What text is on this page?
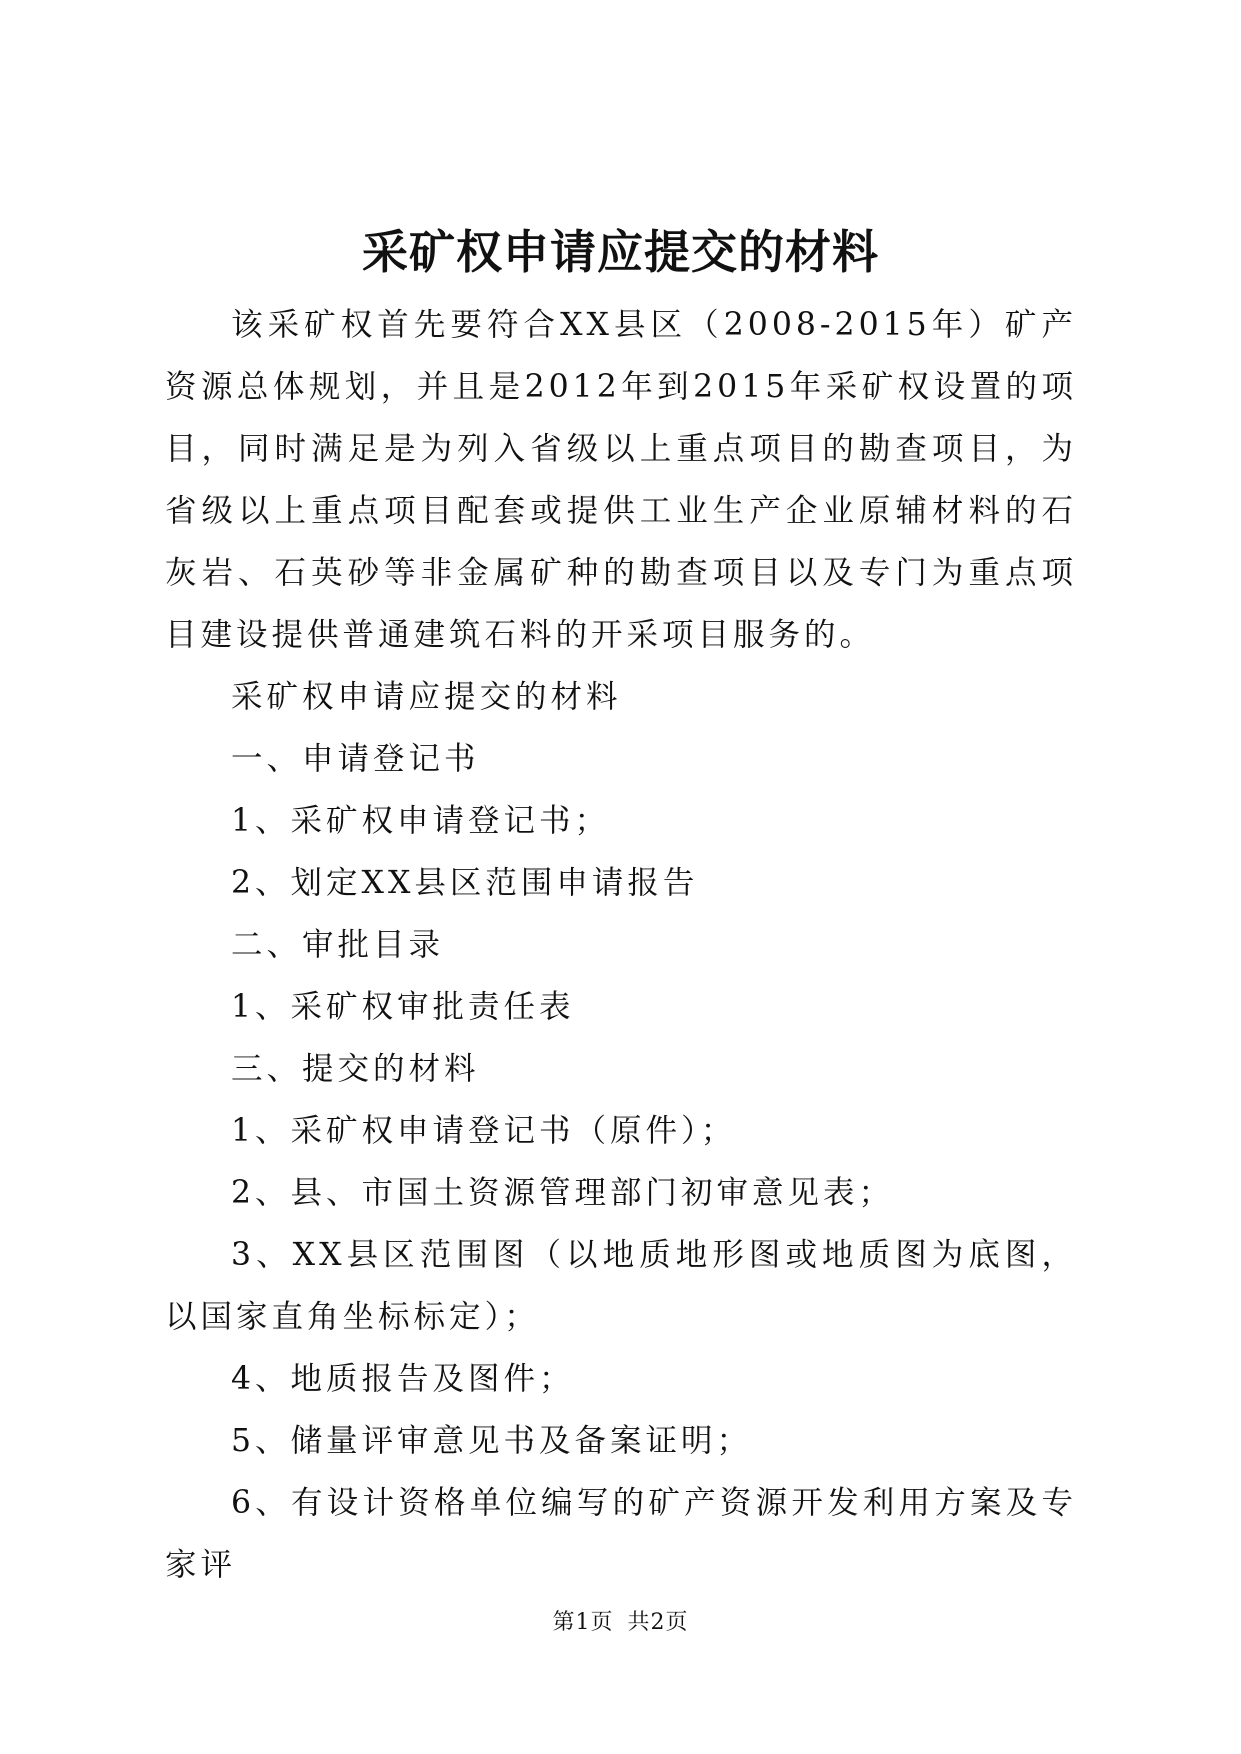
采矿权申请应提交的材料

该采矿权首先要符合XX县区（2008-2015年）矿产资源总体规划，并且是2012年到2015年采矿权设置的项目，同时满足是为列入省级以上重点项目的勘查项目，为省级以上重点项目配套或提供工业生产企业原辅材料的石灰岩、石英砂等非金属矿种的勘查项目以及专门为重点项目建设提供普通建筑石料的开采项目服务的。

采矿权申请应提交的材料

一、申请登记书

1、采矿权申请登记书；

2、划定XX县区范围申请报告

二、审批目录

1、采矿权审批责任表

三、提交的材料

1、采矿权申请登记书（原件）；

2、县、市国土资源管理部门初审意见表；

3、XX县区范围图（以地质地形图或地质图为底图，以国家直角坐标标定）；

4、地质报告及图件；

5、储量评审意见书及备案证明；

6、有设计资格单位编写的矿产资源开发利用方案及专家评

第1页 共2页
